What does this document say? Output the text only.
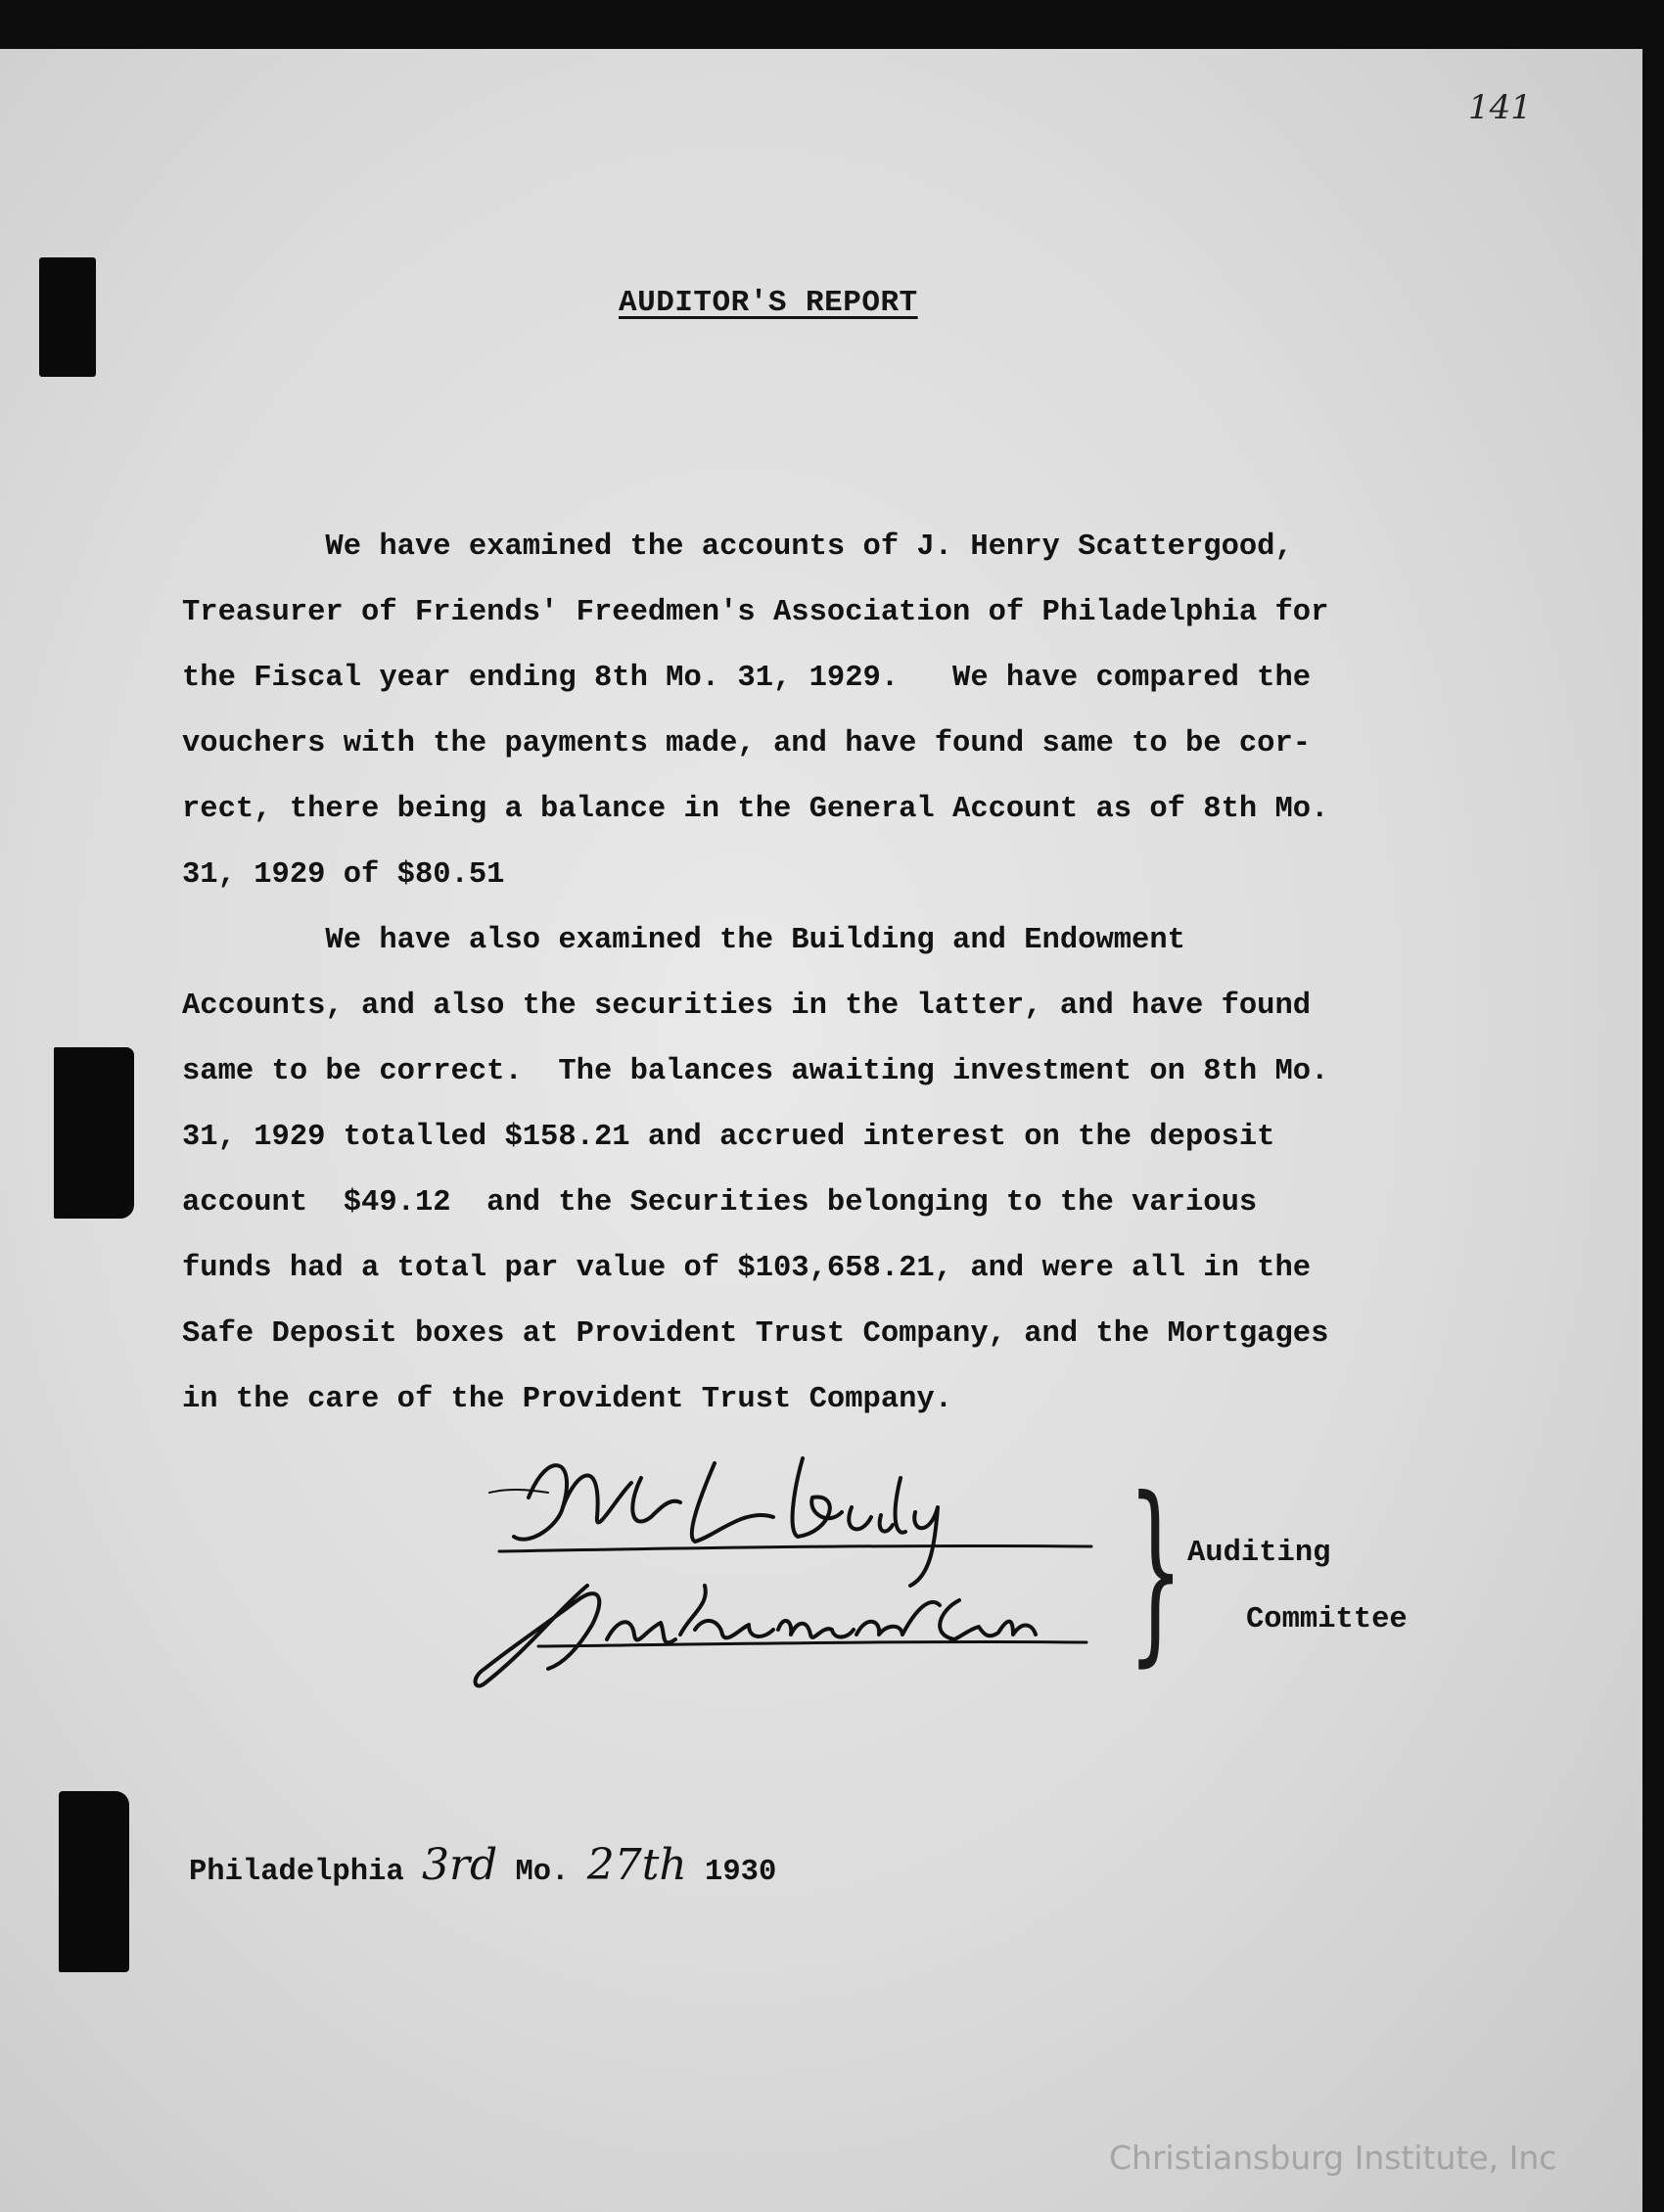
141
AUDITOR'S REPORT
We have examined the accounts of J. Henry Scattergood,
Treasurer of Friends' Freedmen's Association of Philadelphia for
the Fiscal year ending 8th Mo. 31, 1929.   We have compared the
vouchers with the payments made, and have found same to be cor-
rect, there being a balance in the General Account as of 8th Mo.
31, 1929 of $80.51
We have also examined the Building and Endowment
Accounts, and also the securities in the latter, and have found
same to be correct.  The balances awaiting investment on 8th Mo.
31, 1929 totalled $158.21 and accrued interest on the deposit
account  $49.12  and the Securities belonging to the various
funds had a total par value of $103,658.21, and were all in the
Safe Deposit boxes at Provident Trust Company, and the Mortgages
in the care of the Provident Trust Company.
} Auditing
Committee
Philadelphia 3rd Mo. 27th 1930
Christiansburg Institute, Inc
